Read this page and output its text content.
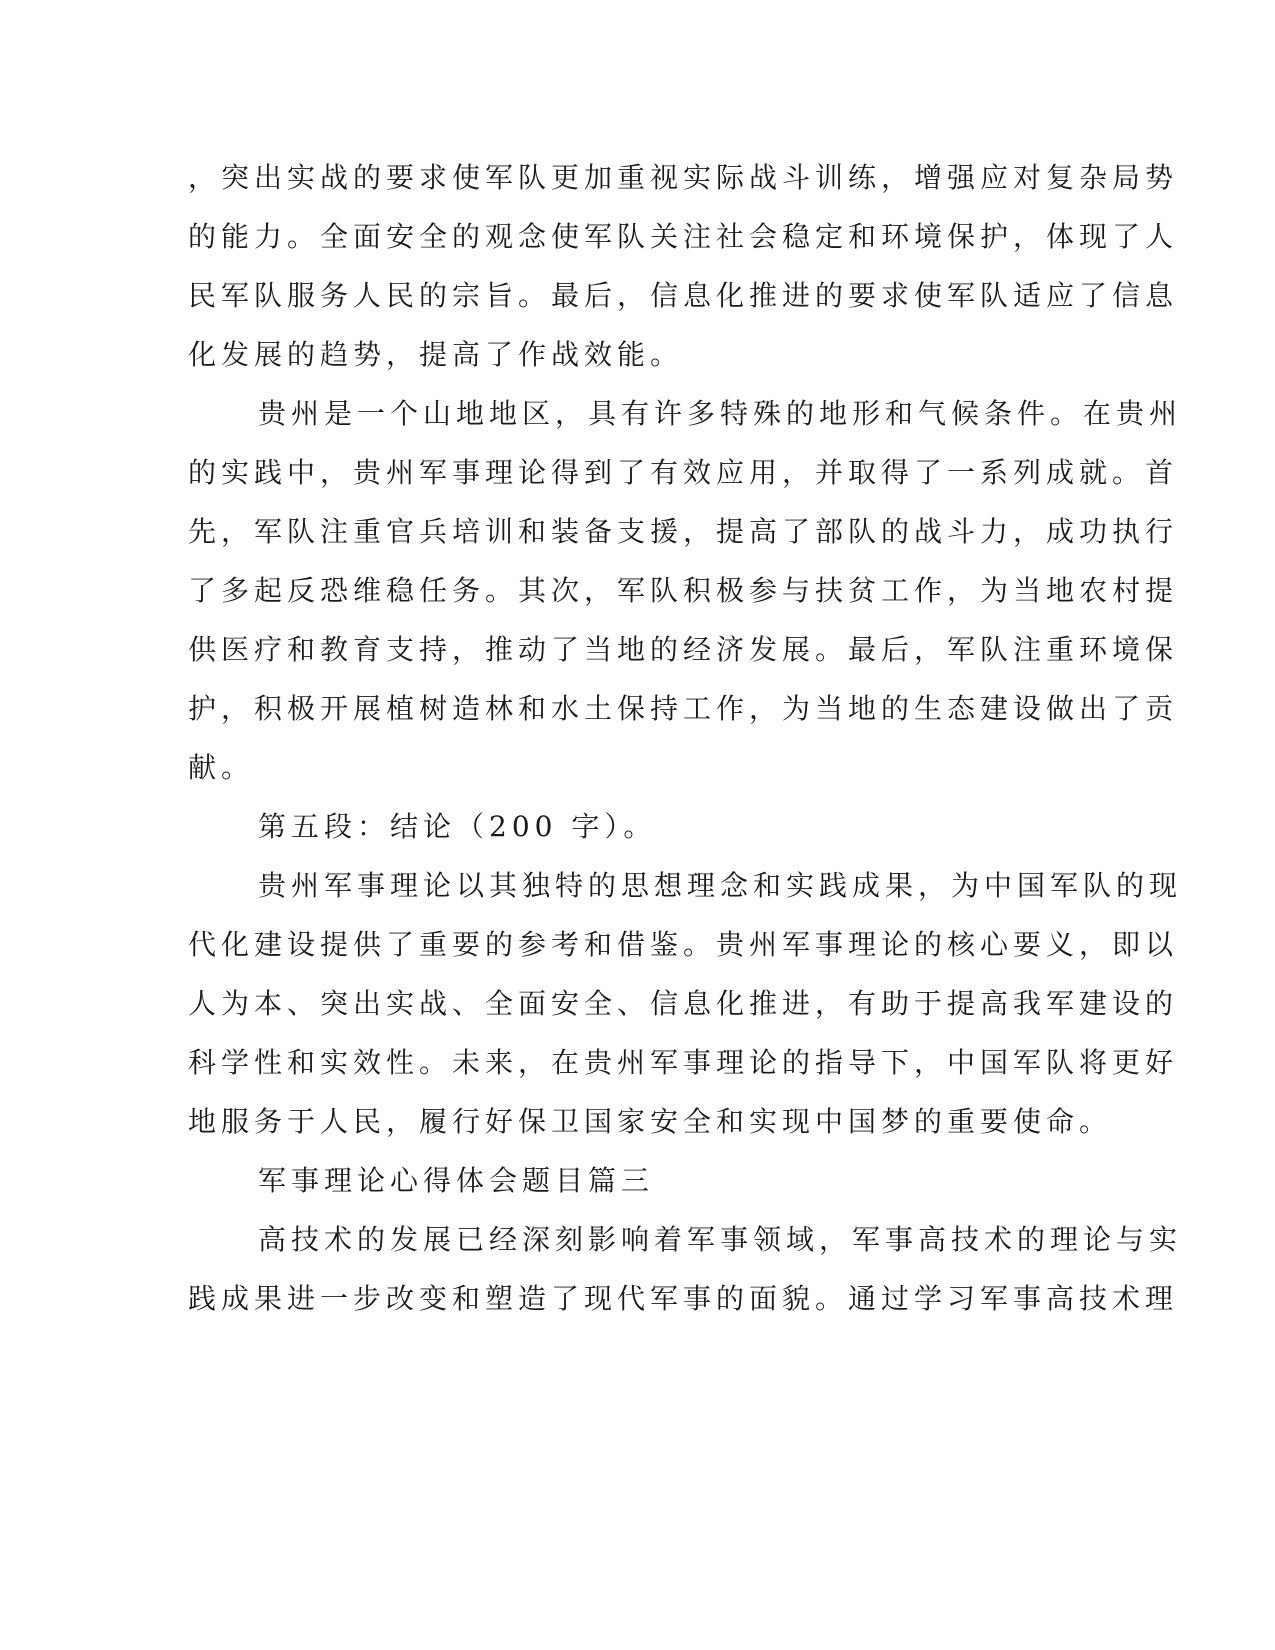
，突出实战的要求使军队更加重视实际战斗训练，增强应对复杂局势
的能力。全面安全的观念使军队关注社会稳定和环境保护，体现了人
民军队服务人民的宗旨。最后，信息化推进的要求使军队适应了信息
化发展的趋势，提高了作战效能。
贵州是一个山地地区，具有许多特殊的地形和气候条件。在贵州
的实践中，贵州军事理论得到了有效应用，并取得了一系列成就。首
先，军队注重官兵培训和装备支援，提高了部队的战斗力，成功执行
了多起反恐维稳任务。其次，军队积极参与扶贫工作，为当地农村提
供医疗和教育支持，推动了当地的经济发展。最后，军队注重环境保
护，积极开展植树造林和水土保持工作，为当地的生态建设做出了贡
献。
第五段：结论（200 字）。
贵州军事理论以其独特的思想理念和实践成果，为中国军队的现
代化建设提供了重要的参考和借鉴。贵州军事理论的核心要义，即以
人为本、突出实战、全面安全、信息化推进，有助于提高我军建设的
科学性和实效性。未来，在贵州军事理论的指导下，中国军队将更好
地服务于人民，履行好保卫国家安全和实现中国梦的重要使命。
军事理论心得体会题目篇三
高技术的发展已经深刻影响着军事领域，军事高技术的理论与实
践成果进一步改变和塑造了现代军事的面貌。通过学习军事高技术理
